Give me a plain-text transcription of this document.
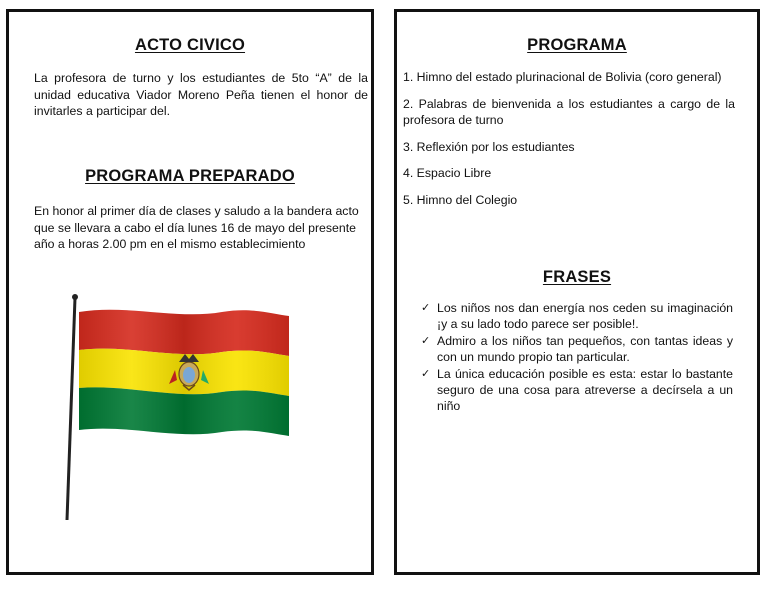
ACTO CIVICO

La profesora de turno y los estudiantes de 5to “A” de la unidad educativa Viador Moreno Peña tienen el honor de invitarles a participar del.

PROGRAMA PREPARADO

En honor al primer día de clases y saludo a la bandera acto que se llevara a cabo el día lunes 16 de mayo del presente año a horas 2.00 pm en el mismo establecimiento

PROGRAMA
1. Himno del estado plurinacional de Bolivia (coro general)
2. Palabras de bienvenida a los estudiantes a cargo de la profesora de turno
3. Reflexión por los estudiantes
4. Espacio Libre
5. Himno del Colegio
FRASES
✓ Los niños nos dan energía nos ceden su imaginación ¡y a su lado todo parece ser posible!.
✓ Admiro a los niños tan pequeños, con tantas ideas y con un mundo propio tan particular.
✓ La única educación posible es esta: estar lo bastante seguro de una cosa para atreverse a decírsela a un niño
